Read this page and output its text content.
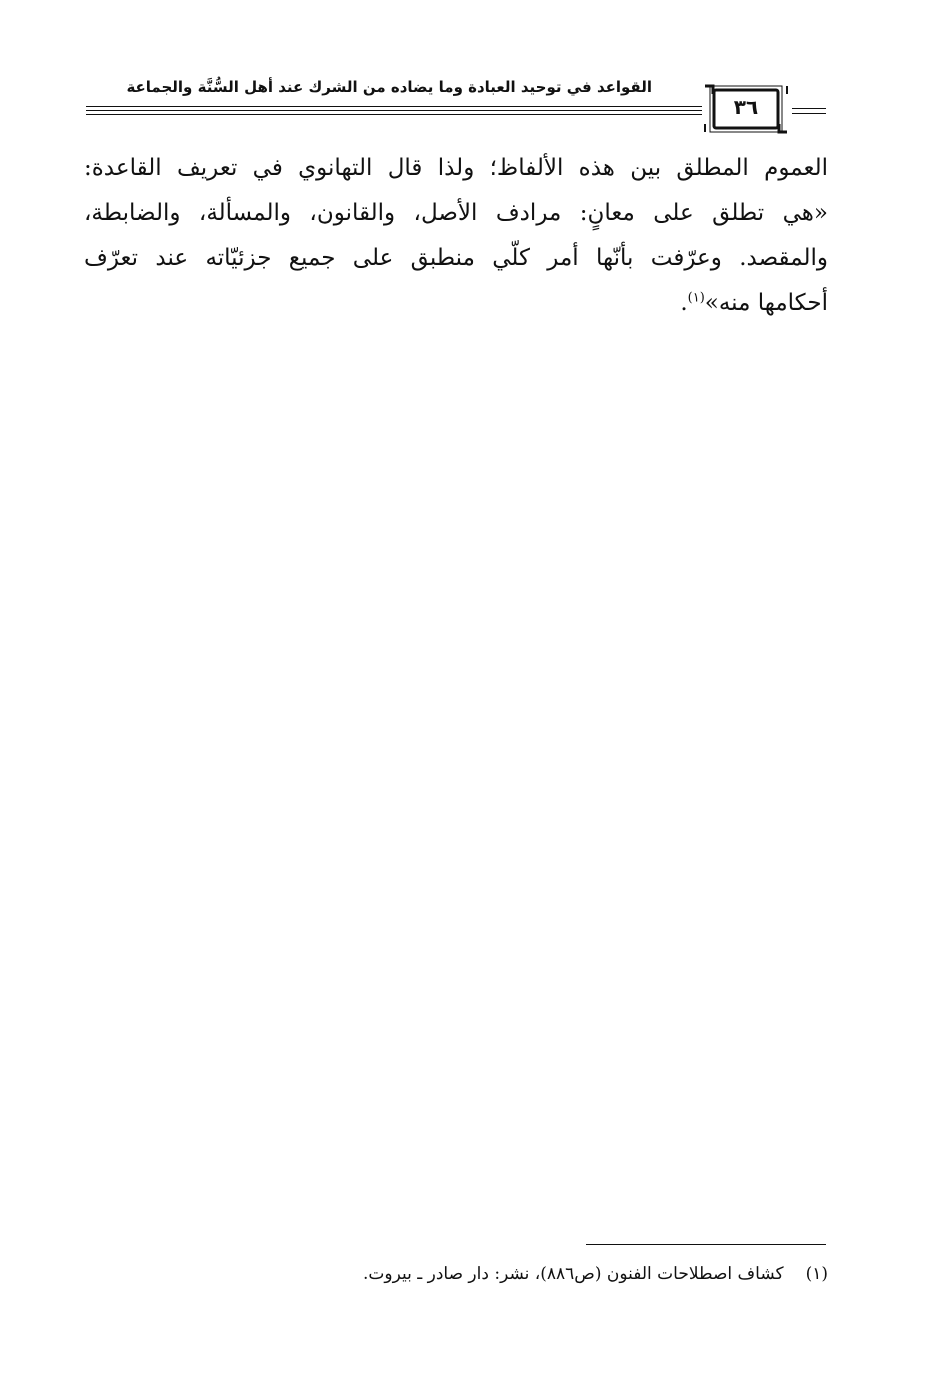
القواعد في توحيد العبادة وما يضاده من الشرك عند أهل السُّنَّة والجماعة
٣٦
العموم المطلق بين هذه الألفاظ؛ ولذا قال التهانوي في تعريف القاعدة:
«هي تطلق على معانٍ: مرادف الأصل، والقانون، والمسألة، والضابطة،
والمقصد. وعرّفت بأنّها أمر كلّي منطبق على جميع جزئيّاته عند تعرّف
أحكامها منه»$^{(١)}$.
(١)كشاف اصطلاحات الفنون (ص٨٨٦)، نشر: دار صادر ـ بيروت.
